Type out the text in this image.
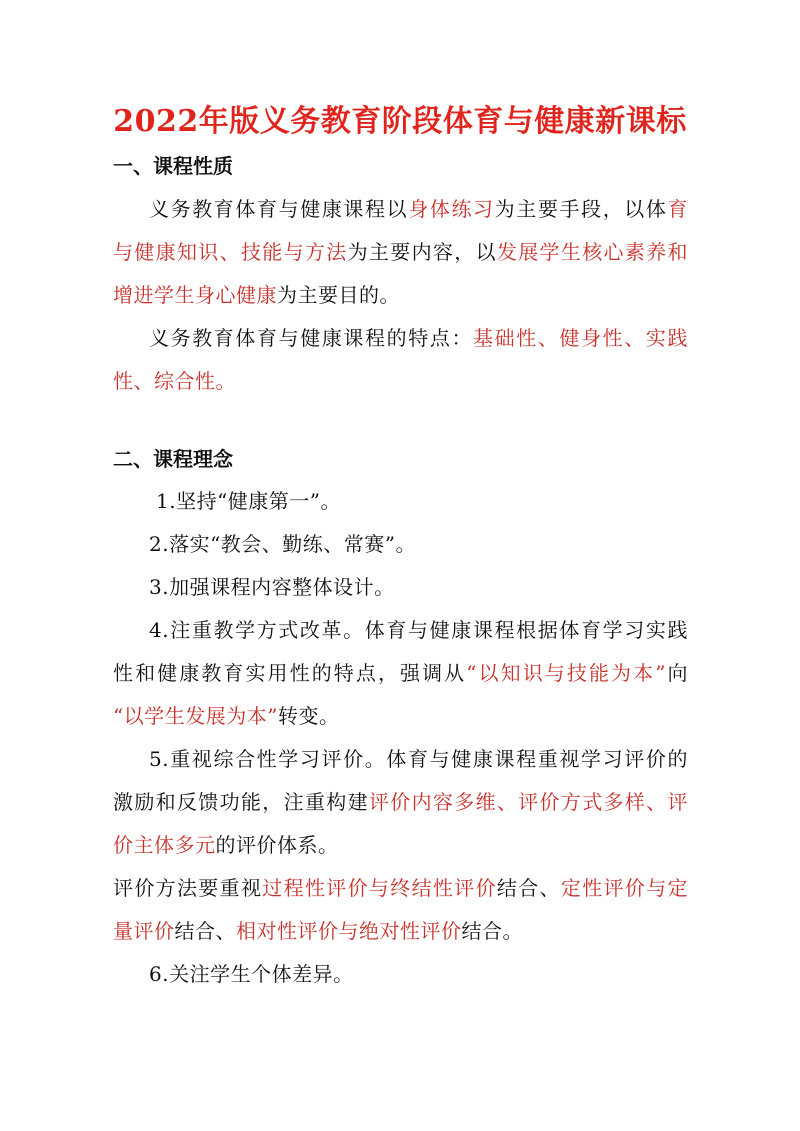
2022年版义务教育阶段体育与健康新课标
一、课程性质
义务教育体育与健康课程以身体练习为主要手段，以体育
与健康知识、技能与方法为主要内容，以发展学生核心素养和
增进学生身心健康为主要目的。
义务教育体育与健康课程的特点：基础性、健身性、实践
性、综合性。
二、课程理念
1.坚持“健康第一”。
2.落实“教会、勤练、常赛”。
3.加强课程内容整体设计。
4.注重教学方式改革。体育与健康课程根据体育学习实践
性和健康教育实用性的特点，强调从“以知识与技能为本”向
“以学生发展为本”转变。
5.重视综合性学习评价。体育与健康课程重视学习评价的
激励和反馈功能，注重构建评价内容多维、评价方式多样、评
价主体多元的评价体系。
评价方法要重视过程性评价与终结性评价结合、定性评价与定
量评价结合、相对性评价与绝对性评价结合。
6.关注学生个体差异。
